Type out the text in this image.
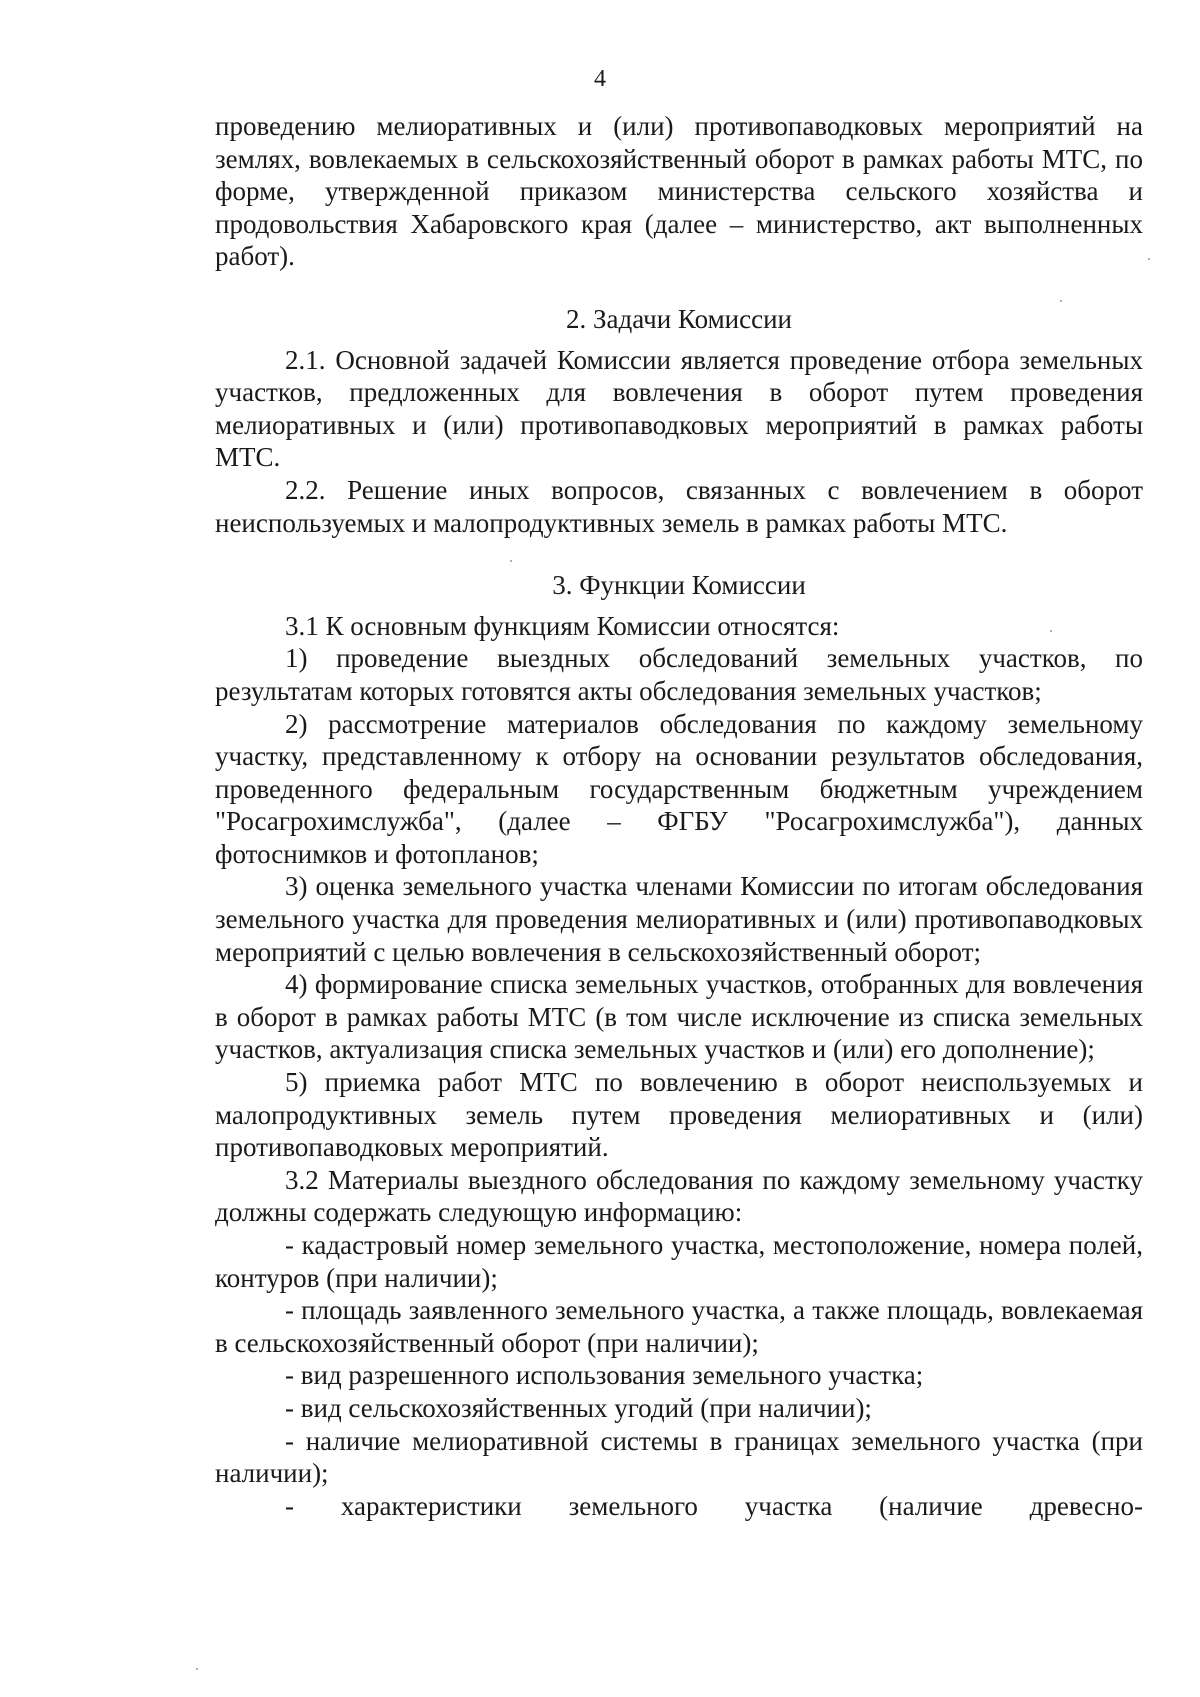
4

проведению мелиоративных и (или) противопаводковых мероприятий на землях, вовлекаемых в сельскохозяйственный оборот в рамках работы МТС, по форме, утвержденной приказом министерства сельского хозяйства и продовольствия Хабаровского края (далее – министерство, акт выполненных работ).

2. Задачи Комиссии

2.1. Основной задачей Комиссии является проведение отбора земельных участков, предложенных для вовлечения в оборот путем проведения мелиоративных и (или) противопаводковых мероприятий в рамках работы МТС.

2.2. Решение иных вопросов, связанных с вовлечением в оборот неиспользуемых и малопродуктивных земель в рамках работы МТС.

3. Функции Комиссии

3.1 К основным функциям Комиссии относятся:

1) проведение выездных обследований земельных участков, по результатам которых готовятся акты обследования земельных участков;

2) рассмотрение материалов обследования по каждому земельному участку, представленному к отбору на основании результатов обследования, проведенного федеральным государственным бюджетным учреждением "Росагрохимслужба", (далее – ФГБУ "Росагрохимслужба"), данных фотоснимков и фотопланов;

3) оценка земельного участка членами Комиссии по итогам обследования земельного участка для проведения мелиоративных и (или) противопаводковых мероприятий с целью вовлечения в сельскохозяйственный оборот;

4) формирование списка земельных участков, отобранных для вовлечения в оборот в рамках работы МТС (в том числе исключение из списка земельных участков, актуализация списка земельных участков и (или) его дополнение);

5) приемка работ МТС по вовлечению в оборот неиспользуемых и малопродуктивных земель путем проведения мелиоративных и (или) противопаводковых мероприятий.

3.2 Материалы выездного обследования по каждому земельному участку должны содержать следующую информацию:

- кадастровый номер земельного участка, местоположение, номера полей, контуров (при наличии);

- площадь заявленного земельного участка, а также площадь, вовлекаемая в сельскохозяйственный оборот (при наличии);

- вид разрешенного использования земельного участка;

- вид сельскохозяйственных угодий (при наличии);

- наличие мелиоративной системы в границах земельного участка (при наличии);

- характеристики земельного участка (наличие древесно-
